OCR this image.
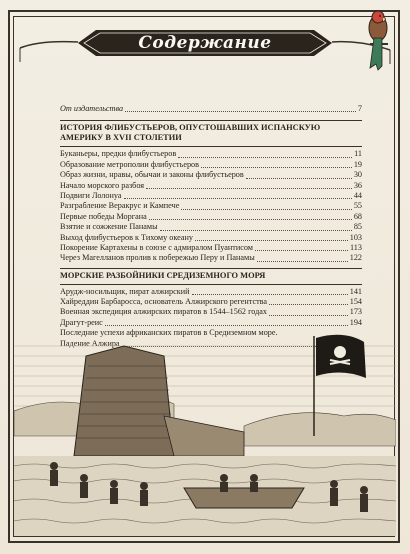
Содержание
От издательства	7
ИСТОРИЯ ФЛИБУСТЬЕРОВ, ОПУСТОШАВШИХ ИСПАНСКУЮ АМЕРИКУ В XVII СТОЛЕТИИ
Буканьеры, предки флибустьеров	11
Образование метрополии флибустьеров	19
Образ жизни, нравы, обычаи и законы флибустьеров	30
Начало морского разбоя	36
Подвиги Лолонуа	44
Разграбление Веракрус и Кампече	55
Первые победы Моргана	68
Взятие и сожжение Панамы	85
Выход флибустьеров к Тихому океану	103
Покорение Картахены в союзе с адмиралом Пуантисом	113
Через Магелланов пролив к побережью Перу и Панамы	122
МОРСКИЕ РАЗБОЙНИКИ СРЕДИЗЕМНОГО МОРЯ
Арудж-носильщик, пират алжирский	141
Хайреддин Барбаросса, основатель Алжирского регентства	154
Военная экспедиция алжирских пиратов в 1544–1562 годах	173
Драгут-реис	194
Последние успехи африканских пиратов в Средиземном море.
Падение Алжира
